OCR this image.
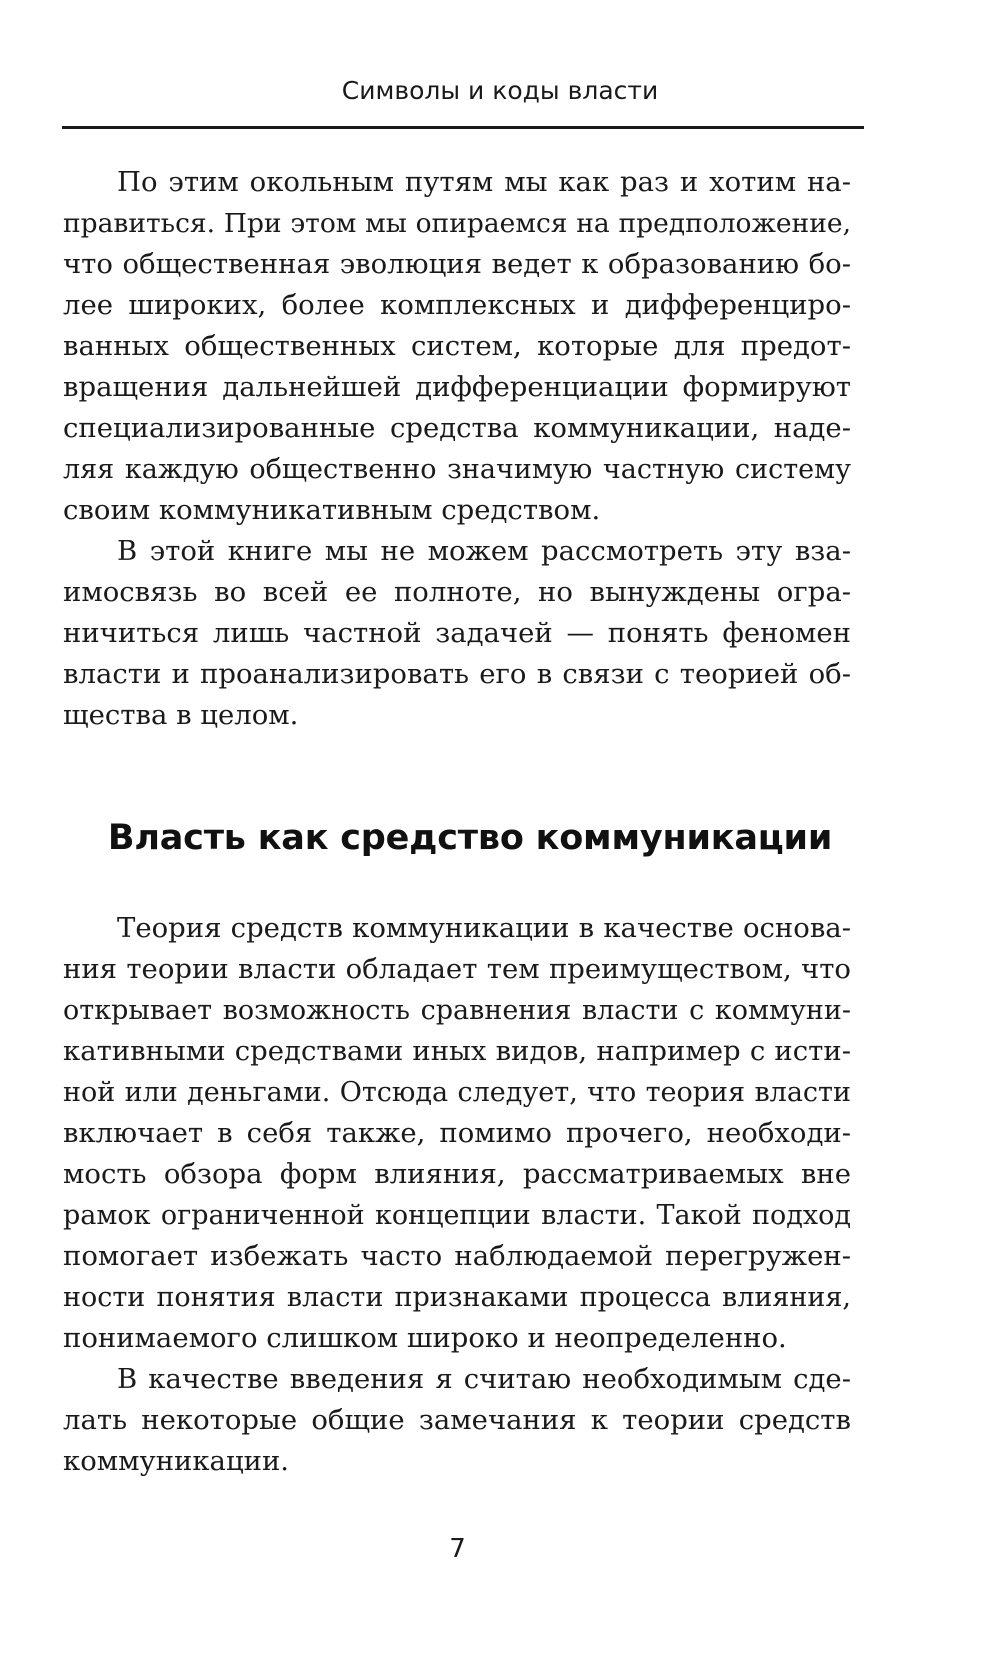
Символы и коды власти
По этим окольным путям мы как раз и хотим на-
правиться. При этом мы опираемся на предположение,
что общественная эволюция ведет к образованию бо-
лее широких, более комплексных и дифференциро-
ванных общественных систем, которые для предот-
вращения дальнейшей дифференциации формируют
специализированные средства коммуникации, наде-
ляя каждую общественно значимую частную систему
своим коммуникативным средством.
В этой книге мы не можем рассмотреть эту вза-
имосвязь во всей ее полноте, но вынуждены огра-
ничиться лишь частной задачей — понять феномен
власти и проанализировать его в связи с теорией об-
щества в целом.
Власть как средство коммуникации
Теория средств коммуникации в качестве основа-
ния теории власти обладает тем преимуществом, что
открывает возможность сравнения власти с коммуни-
кативными средствами иных видов, например с исти-
ной или деньгами. Отсюда следует, что теория власти
включает в себя также, помимо прочего, необходи-
мость обзора форм влияния, рассматриваемых вне
рамок ограниченной концепции власти. Такой подход
помогает избежать часто наблюдаемой перегружен-
ности понятия власти признаками процесса влияния,
понимаемого слишком широко и неопределенно.
В качестве введения я считаю необходимым сде-
лать некоторые общие замечания к теории средств
коммуникации.
7
